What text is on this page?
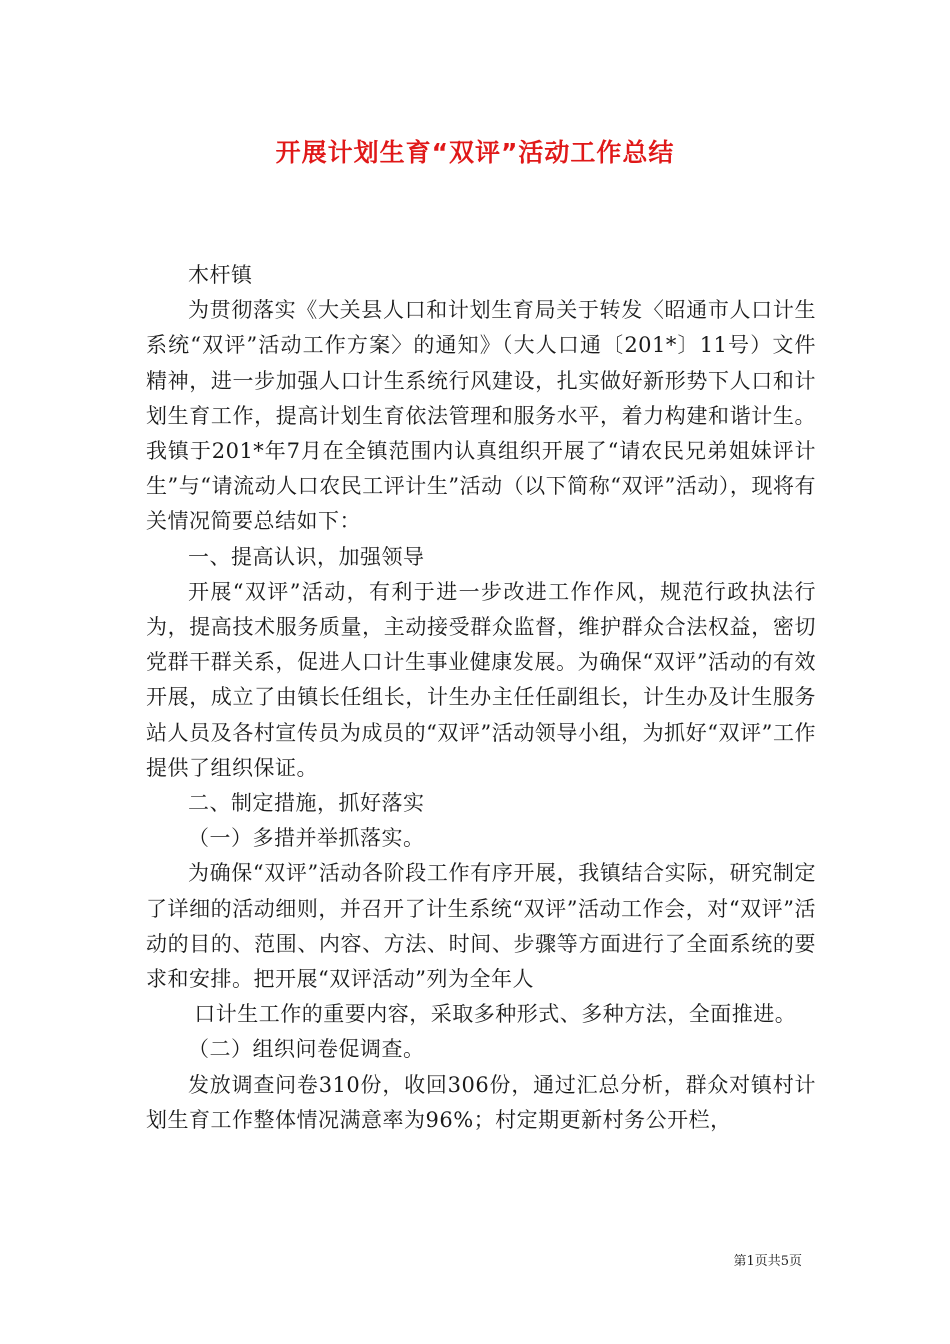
开展计划生育“双评”活动工作总结

木杆镇

为贯彻落实《大关县人口和计划生育局关于转发〈昭通市人口计生系统“双评”活动工作方案〉的通知》（大人口通〔201*〕11号）文件精神，进一步加强人口计生系统行风建设，扎实做好新形势下人口和计划生育工作，提高计划生育依法管理和服务水平，着力构建和谐计生。我镇于201*年7月在全镇范围内认真组织开展了“请农民兄弟姐妹评计生”与“请流动人口农民工评计生”活动（以下简称“双评”活动），现将有关情况简要总结如下：

一、提高认识，加强领导

开展“双评”活动，有利于进一步改进工作作风，规范行政执法行为，提高技术服务质量，主动接受群众监督，维护群众合法权益，密切党群干群关系，促进人口计生事业健康发展。为确保“双评”活动的有效开展，成立了由镇长任组长，计生办主任任副组长，计生办及计生服务站人员及各村宣传员为成员的“双评”活动领导小组，为抓好“双评”工作提供了组织保证。

二、制定措施，抓好落实

（一）多措并举抓落实。

为确保“双评”活动各阶段工作有序开展，我镇结合实际，研究制定了详细的活动细则，并召开了计生系统“双评”活动工作会，对“双评”活动的目的、范围、内容、方法、时间、步骤等方面进行了全面系统的要求和安排。把开展“双评活动”列为全年人

口计生工作的重要内容，采取多种形式、多种方法，全面推进。

（二）组织问卷促调查。

发放调查问卷310份，收回306份，通过汇总分析，群众对镇村计划生育工作整体情况满意率为96%；村定期更新村务公开栏，

第1页共5页
